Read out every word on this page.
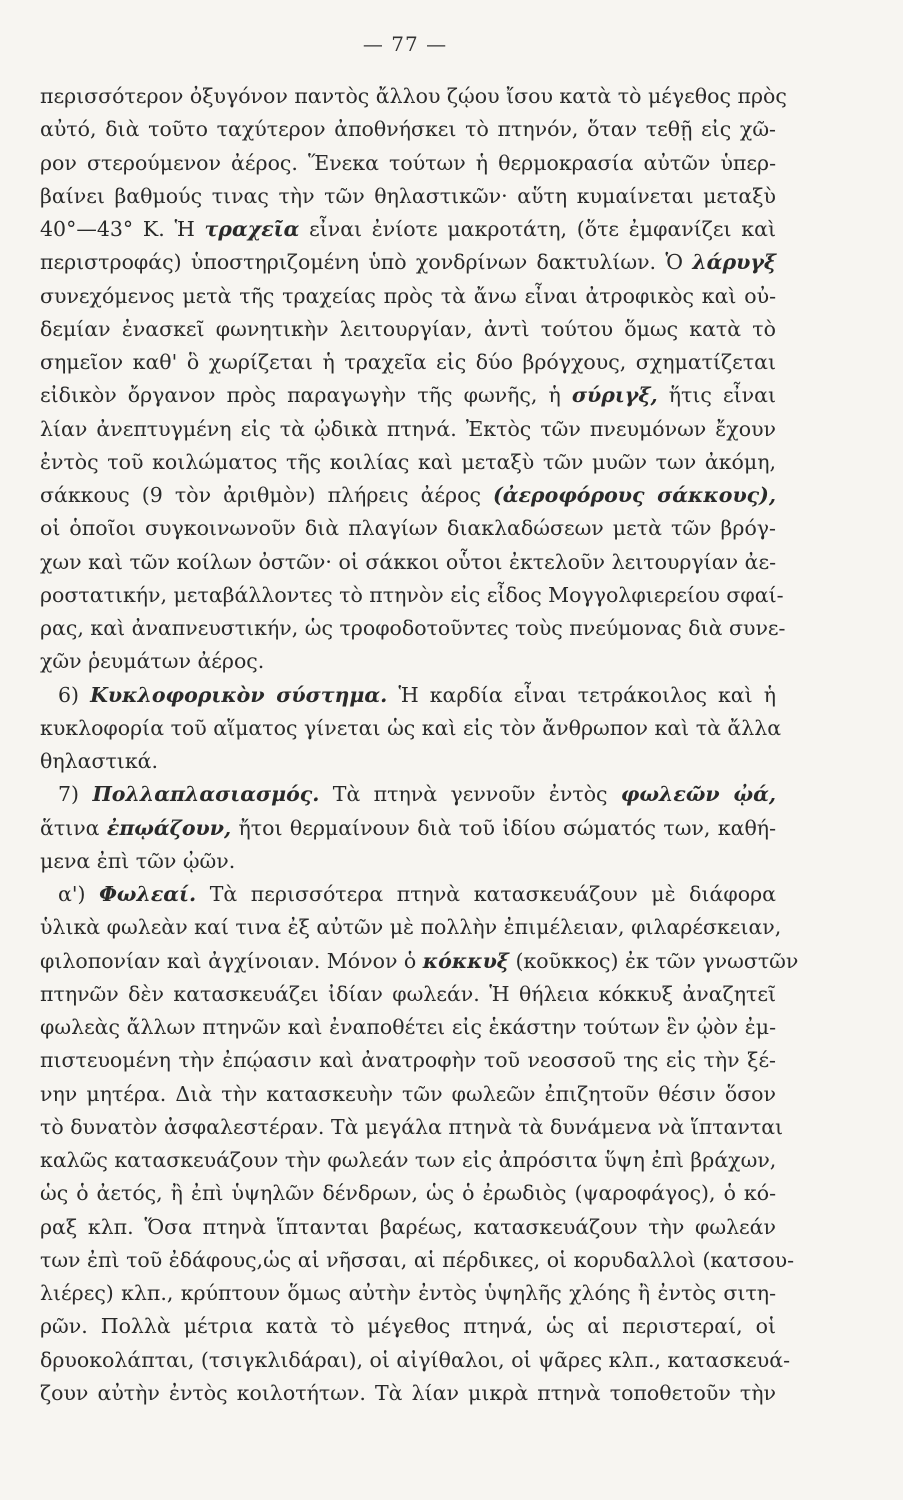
— 77 —
περισσότερον ὀξυγόνον παντὸς ἄλλου ζῴου ἴσου κατὰ τὸ μέγεθος πρὸς
αὐτό, διὰ τοῦτο ταχύτερον ἀποθνήσκει τὸ πτηνόν, ὅταν τεθῇ εἰς χῶ-
ρον στερούμενον ἀέρος. Ἕνεκα τούτων ἡ θερμοκρασία αὐτῶν ὑπερ-
βαίνει βαθμούς τινας τὴν τῶν θηλαστικῶν· αὕτη κυμαίνεται μεταξὺ
40°—43° Κ. Ἡ τραχεῖα εἶναι ἐνίοτε μακροτάτη, (ὅτε ἐμφανίζει καὶ
περιστροφάς) ὑποστηριζομένη ὑπὸ χονδρίνων δακτυλίων. Ὁ λάρυγξ
συνεχόμενος μετὰ τῆς τραχείας πρὸς τὰ ἄνω εἶναι ἀτροφικὸς καὶ οὐ-
δεμίαν ἐνασκεῖ φωνητικὴν λειτουργίαν, ἀντὶ τούτου ὅμως κατὰ τὸ
σημεῖον καθ' ὃ χωρίζεται ἡ τραχεῖα εἰς δύο βρόγχους, σχηματίζεται
εἰδικὸν ὄργανον πρὸς παραγωγὴν τῆς φωνῆς, ἡ σύριγξ, ἥτις εἶναι
λίαν ἀνεπτυγμένη εἰς τὰ ᾠδικὰ πτηνά. Ἐκτὸς τῶν πνευμόνων ἔχουν
ἐντὸς τοῦ κοιλώματος τῆς κοιλίας καὶ μεταξὺ τῶν μυῶν των ἀκόμη,
σάκκους (9 τὸν ἀριθμὸν) πλήρεις ἀέρος (ἀεροφόρους σάκκους),
οἱ ὁποῖοι συγκοινωνοῦν διὰ πλαγίων διακλαδώσεων μετὰ τῶν βρόγ-
χων καὶ τῶν κοίλων ὀστῶν· οἱ σάκκοι οὗτοι ἐκτελοῦν λειτουργίαν ἀε-
ροστατικήν, μεταβάλλοντες τὸ πτηνὸν εἰς εἶδος Μογγολφιερείου σφαί-
ρας, καὶ ἀναπνευστικήν, ὡς τροφοδοτοῦντες τοὺς πνεύμονας διὰ συνε-
χῶν ῥευμάτων ἀέρος.
6) Κυκλοφορικὸν σύστημα. Ἡ καρδία εἶναι τετράκοιλος καὶ ἡ
κυκλοφορία τοῦ αἵματος γίνεται ὡς καὶ εἰς τὸν ἄνθρωπον καὶ τὰ ἄλλα
θηλαστικά.
7) Πολλαπλασιασμός. Τὰ πτηνὰ γεννοῦν ἐντὸς φωλεῶν ᾠά,
ἅτινα ἐπῳάζουν, ἤτοι θερμαίνουν διὰ τοῦ ἰδίου σώματός των, καθή-
μενα ἐπὶ τῶν ᾠῶν.
α') Φωλεαί. Τὰ περισσότερα πτηνὰ κατασκευάζουν μὲ διάφορα
ὑλικὰ φωλεὰν καί τινα ἐξ αὐτῶν μὲ πολλὴν ἐπιμέλειαν, φιλαρέσκειαν,
φιλοπονίαν καὶ ἀγχίνοιαν. Μόνον ὁ κόκκυξ (κοῦκκος) ἐκ τῶν γνωστῶν
πτηνῶν δὲν κατασκευάζει ἰδίαν φωλεάν. Ἡ θήλεια κόκκυξ ἀναζητεῖ
φωλεὰς ἄλλων πτηνῶν καὶ ἐναποθέτει εἰς ἑκάστην τούτων ἓν ᾠὸν ἐμ-
πιστευομένη τὴν ἐπῴασιν καὶ ἀνατροφὴν τοῦ νεοσσοῦ της εἰς τὴν ξέ-
νην μητέρα. Διὰ τὴν κατασκευὴν τῶν φωλεῶν ἐπιζητοῦν θέσιν ὅσον
τὸ δυνατὸν ἀσφαλεστέραν. Τὰ μεγάλα πτηνὰ τὰ δυνάμενα νὰ ἵπτανται
καλῶς κατασκευάζουν τὴν φωλεάν των εἰς ἀπρόσιτα ὕψη ἐπὶ βράχων,
ὡς ὁ ἀετός, ἢ ἐπὶ ὑψηλῶν δένδρων, ὡς ὁ ἐρωδιὸς (ψαροφάγος), ὁ κό-
ραξ κλπ. Ὅσα πτηνὰ ἵπτανται βαρέως, κατασκευάζουν τὴν φωλεάν
των ἐπὶ τοῦ ἐδάφους,ὡς αἱ νῆσσαι, αἱ πέρδικες, οἱ κορυδαλλοὶ (κατσου-
λιέρες) κλπ., κρύπτουν ὅμως αὐτὴν ἐντὸς ὑψηλῆς χλόης ἢ ἐντὸς σιτη-
ρῶν. Πολλὰ μέτρια κατὰ τὸ μέγεθος πτηνά, ὡς αἱ περιστεραί, οἱ
δρυοκολάπται, (τσιγκλιδάραι), οἱ αἰγίθαλοι, οἱ ψᾶρες κλπ., κατασκευά-
ζουν αὐτὴν ἐντὸς κοιλοτήτων. Τὰ λίαν μικρὰ πτηνὰ τοποθετοῦν τὴν
